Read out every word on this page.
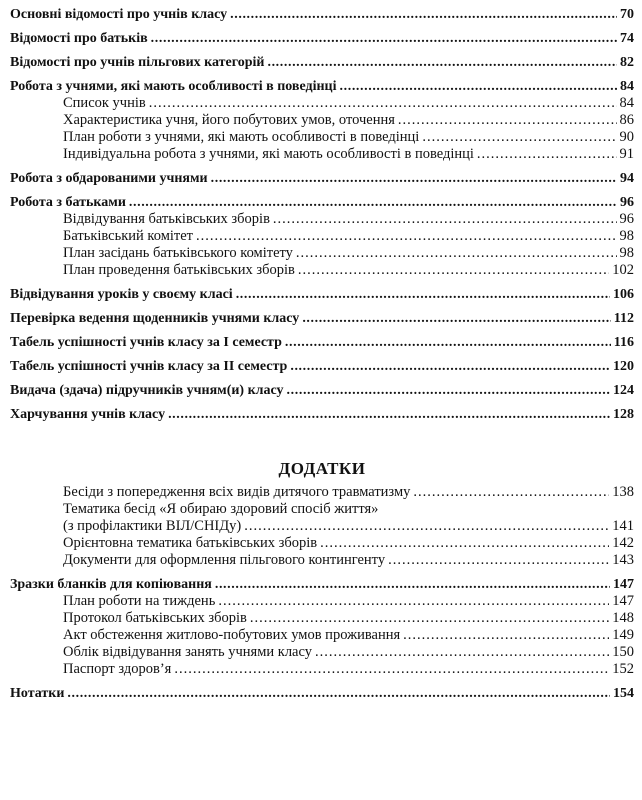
Основні відомості про учнів класу .....	70
Відомості про батьків .....	74
Відомості про учнів пільгових категорій .....	82
Робота з учнями, які мають особливості в поведінці .....	84
Список учнів .....	84
Характеристика учня, його побутових умов, оточення .....	86
План роботи з учнями, які мають особливості в поведінці .....	90
Індивідуальна робота з учнями, які мають особливості в поведінці .....	91
Робота з обдарованими учнями .....	94
Робота з батьками .....	96
Відвідування батьківських зборів .....	96
Батьківський комітет .....	98
План засідань батьківського комітету .....	98
План проведення батьківських зборів .....	102
Відвідування уроків у своєму класі .....	106
Перевірка ведення щоденників учнями класу .....	112
Табель успішності учнів класу за І семестр .....	116
Табель успішності учнів класу за ІІ семестр .....	120
Видача (здача) підручників учням(и) класу .....	124
Харчування учнів класу .....	128
ДОДАТКИ
Бесіди з попередження всіх видів дитячого травматизму .....	138
Тематика бесід «Я обираю здоровий спосіб життя»
(з профілактики ВІЛ/СНІДу) .....	141
Орієнтовна тематика батьківських зборів .....	142
Документи для оформлення пільгового контингенту .....	143
Зразки бланків для копіювання .....	147
План роботи на тиждень .....	147
Протокол батьківських зборів .....	148
Акт обстеження житлово-побутових умов проживання .....	149
Облік відвідування занять учнями класу .....	150
Паспорт здоров’я .....	152
Нотатки .....	154
